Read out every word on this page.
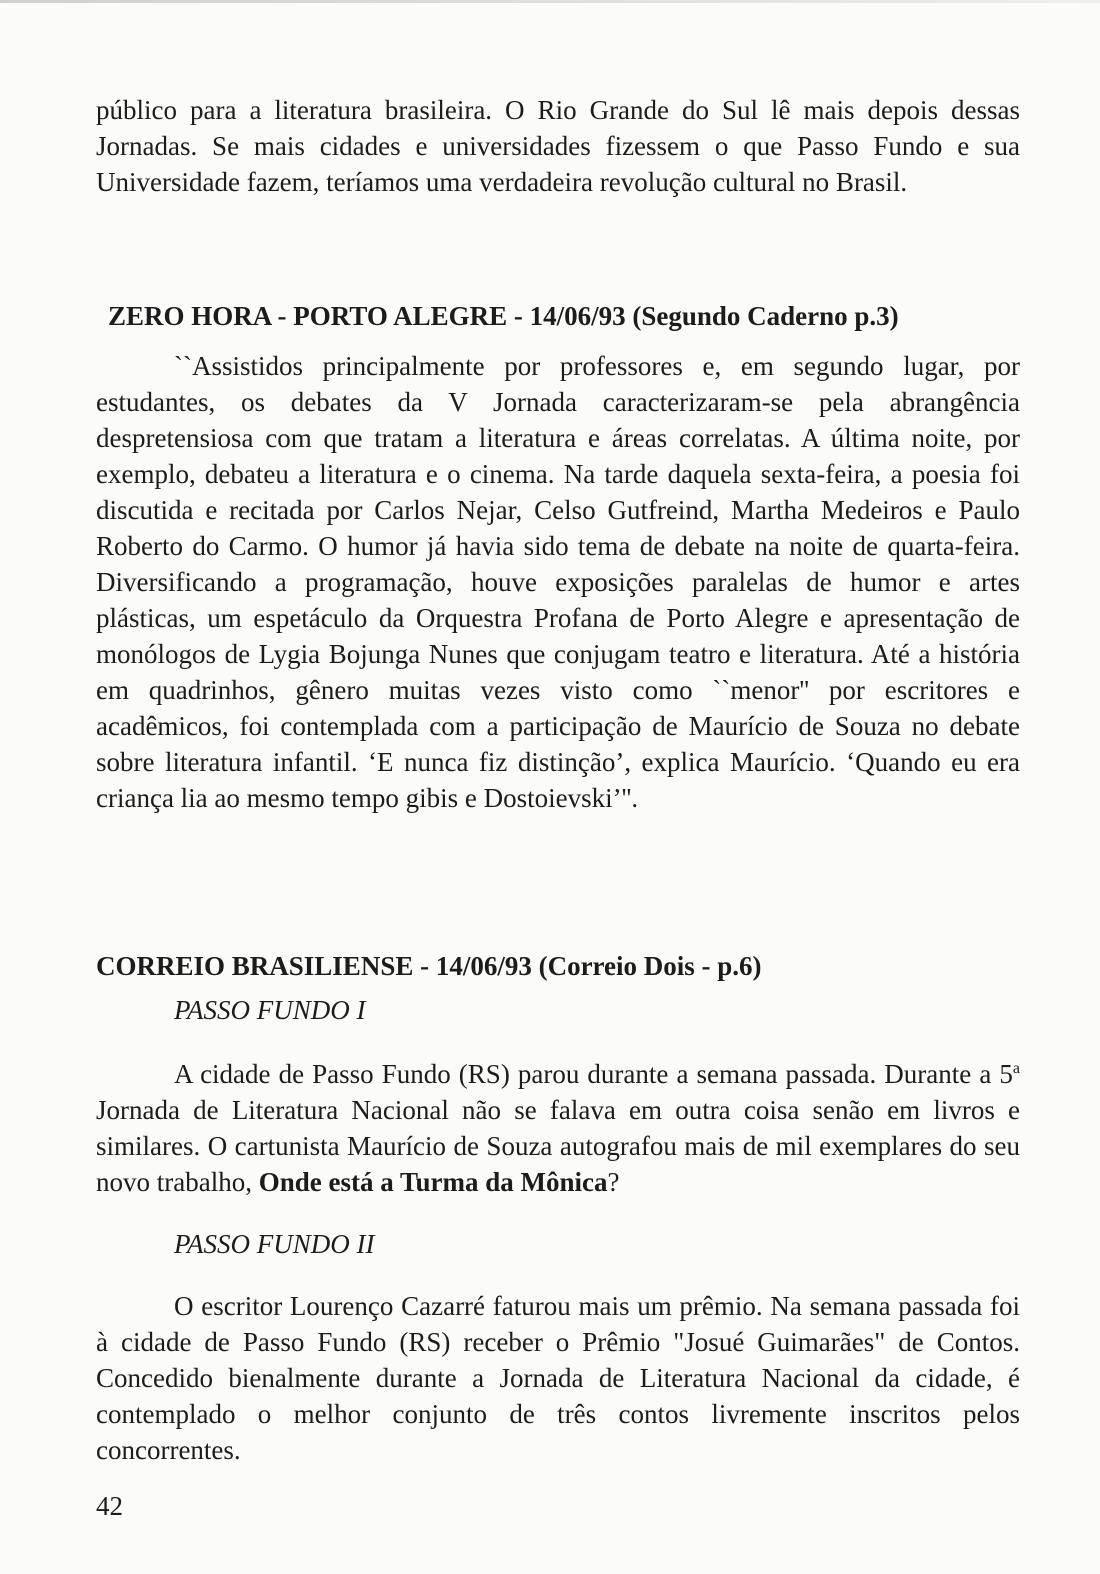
público para a literatura brasileira. O Rio Grande do Sul lê mais depois dessas Jornadas. Se mais cidades e universidades fizessem o que Passo Fundo e sua Universidade fazem, teríamos uma verdadeira revolução cultural no Brasil.

ZERO HORA - PORTO ALEGRE - 14/06/93 (Segundo Caderno p.3)

``Assistidos principalmente por professores e, em segundo lugar, por estudantes, os debates da V Jornada caracterizaram-se pela abrangência despretensiosa com que tratam a literatura e áreas correlatas. A última noite, por exemplo, debateu a literatura e o cinema. Na tarde daquela sexta-feira, a poesia foi discutida e recitada por Carlos Nejar, Celso Gutfreind, Martha Medeiros e Paulo Roberto do Carmo. O humor já havia sido tema de debate na noite de quarta-feira. Diversificando a programação, houve exposições paralelas de humor e artes plásticas, um espetáculo da Orquestra Profana de Porto Alegre e apresentação de monólogos de Lygia Bojunga Nunes que conjugam teatro e literatura. Até a história em quadrinhos, gênero muitas vezes visto como ``menor'' por escritores e acadêmicos, foi contemplada com a participação de Maurício de Souza no debate sobre literatura infantil. ‘E nunca fiz distinção’, explica Maurício. ‘Quando eu era criança lia ao mesmo tempo gibis e Dostoievski’''.

CORREIO BRASILIENSE - 14/06/93 (Correio Dois - p.6)
PASSO FUNDO I

A cidade de Passo Fundo (RS) parou durante a semana passada. Durante a 5$^a$ Jornada de Literatura Nacional não se falava em outra coisa senão em livros e similares. O cartunista Maurício de Souza autografou mais de mil exemplares do seu novo trabalho, Onde está a Turma da Mônica?

PASSO FUNDO II

O escritor Lourenço Cazarré faturou mais um prêmio. Na semana passada foi à cidade de Passo Fundo (RS) receber o Prêmio "Josué Guimarães" de Contos. Concedido bienalmente durante a Jornada de Literatura Nacional da cidade, é contemplado o melhor conjunto de três contos livremente inscritos pelos concorrentes.

42
